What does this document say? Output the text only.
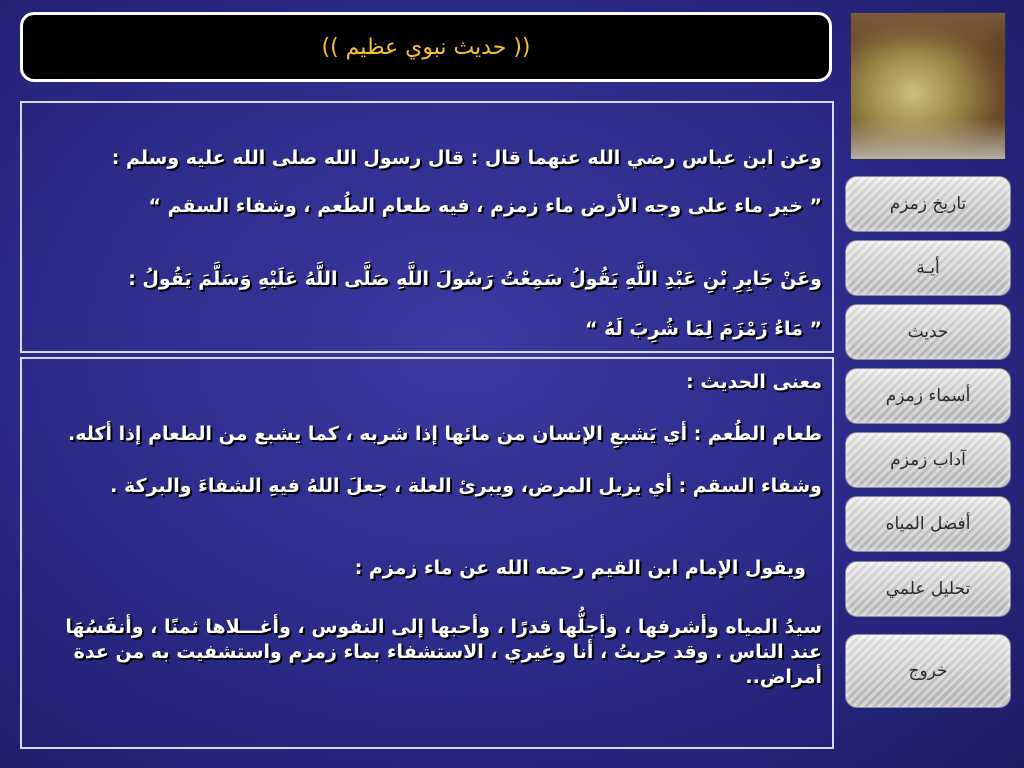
(( حديث نبوي عظيم ))

وعن ابن عباس رضي الله عنهما قال : قال رسول الله صلى الله عليه وسلم :

” خير ماء على وجه الأرض ماء زمزم ، فيه طعام الطُعم ، وشفاء السقم “

وعَنْ جَابِرِ بْنِ عَبْدِ اللَّهِ يَقُولُ سَمِعْتُ رَسُولَ اللَّهِ صَلَّى اللَّهُ عَلَيْهِ وَسَلَّمَ يَقُولُ :

” مَاءُ زَمْزَمَ لِمَا شُرِبَ لَهُ “

معنى الحديث :

طعام الطُعم : أي يَشبعِ الإنسان من مائها إذا شربه ، كما يشبع من الطعام إذا أكله.

وشفاء السقم : أي يزيل المرض، ويبرئ العلة ، جعلَ اللهُ فيهِ الشفاءَ والبركة .

ويقول الإمام ابن القيم رحمه الله عن ماء زمزم :

سيدُ المياه وأشرفها ، وأجلُّها قدرًا ، وأحبها إلى النفوس ، وأغـــلاها ثمنًا ، وأنفَسُهَا عند الناس . وقد جربتُ ، أنا وغيري ، الاستشفاء بماء زمزم واستشفيت به من عدة أمراض..

تاريخ زمزم
أيـة
حديث
أسماء زمزم
آداب زمزم
أفضل المياه
تحليل علمي
خروج
